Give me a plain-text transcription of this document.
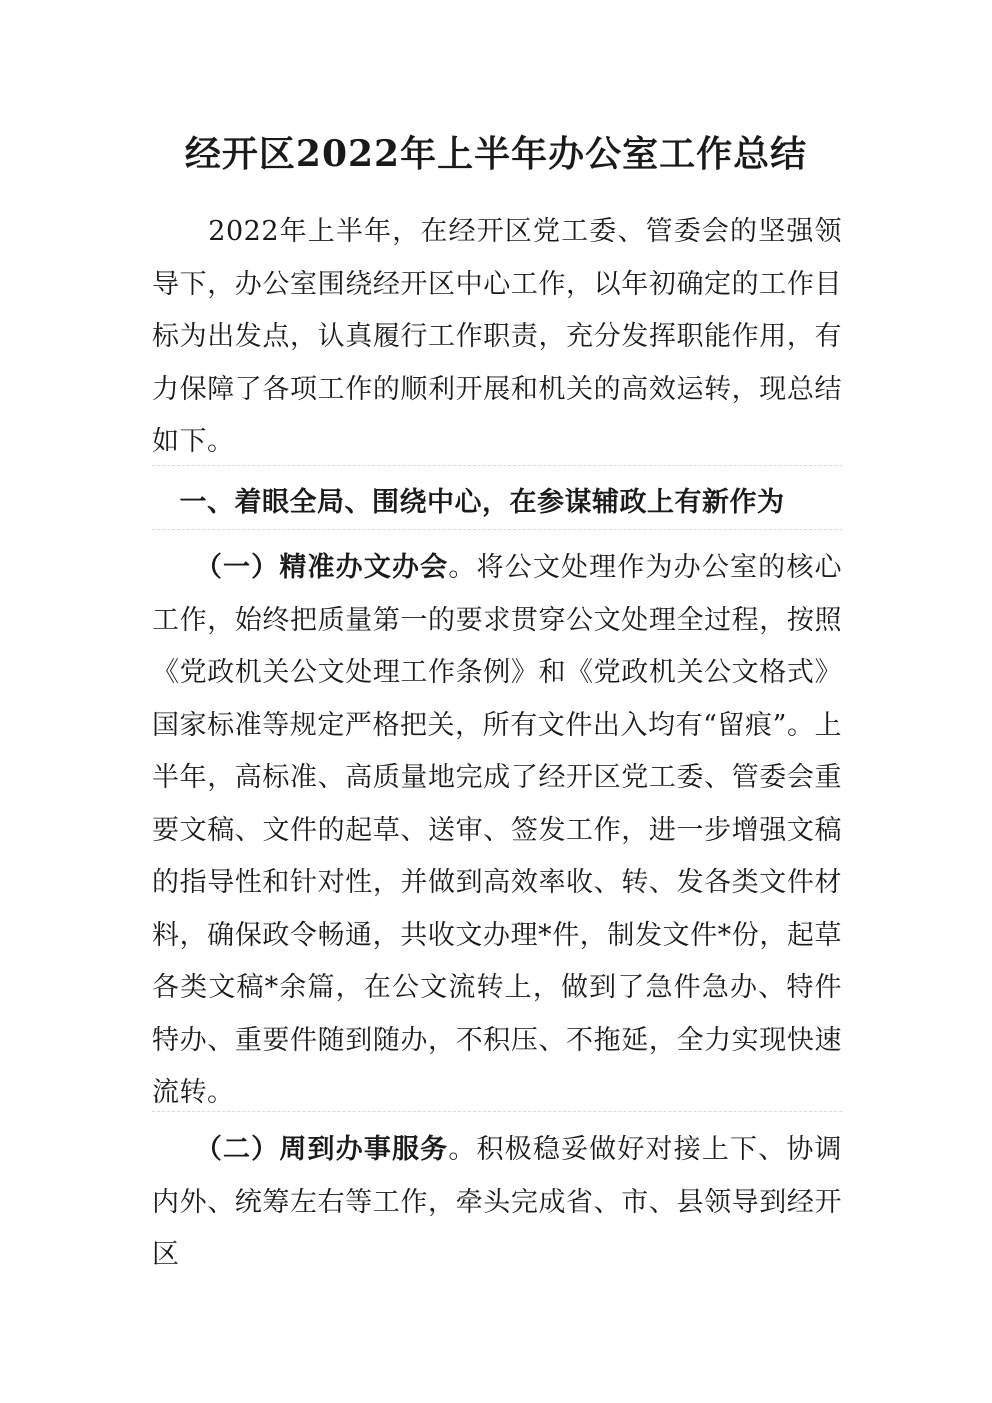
经开区2022年上半年办公室工作总结

　　2022年上半年，在经开区党工委、管委会的坚强领导下，办公室围绕经开区中心工作，以年初确定的工作目标为出发点，认真履行工作职责，充分发挥职能作用，有力保障了各项工作的顺利开展和机关的高效运转，现总结如下。

　一、着眼全局、围绕中心，在参谋辅政上有新作为

　　（一）精准办文办会。将公文处理作为办公室的核心工作，始终把质量第一的要求贯穿公文处理全过程，按照《党政机关公文处理工作条例》和《党政机关公文格式》国家标准等规定严格把关，所有文件出入均有“留痕”。上半年，高标准、高质量地完成了经开区党工委、管委会重要文稿、文件的起草、送审、签发工作，进一步增强文稿的指导性和针对性，并做到高效率收、转、发各类文件材料，确保政令畅通，共收文办理*件，制发文件*份，起草各类文稿*余篇，在公文流转上，做到了急件急办、特件特办、重要件随到随办，不积压、不拖延，全力实现快速流转。

　　（二）周到办事服务。积极稳妥做好对接上下、协调内外、统筹左右等工作，牵头完成省、市、县领导到经开区
